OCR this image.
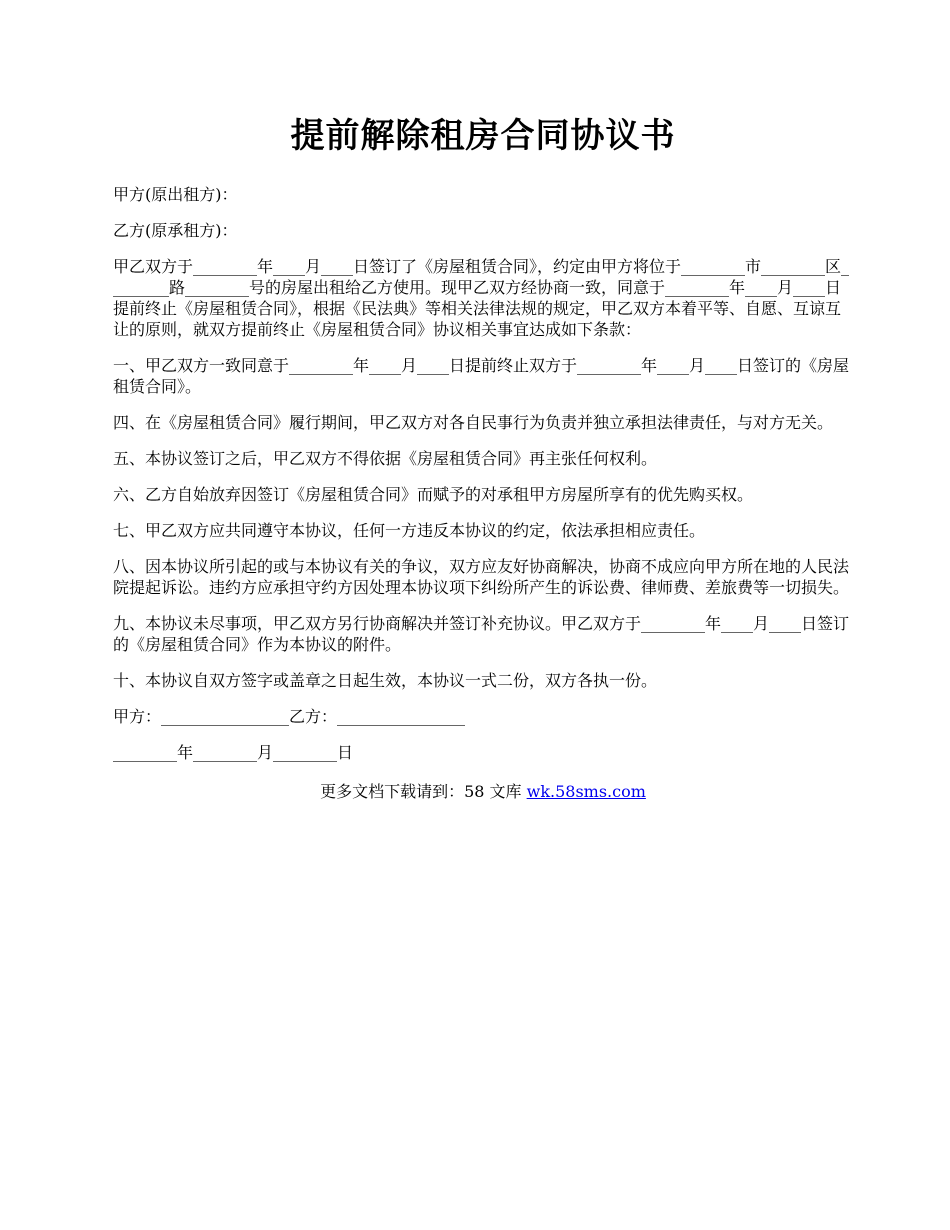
提前解除租房合同协议书

甲方(原出租方)：

乙方(原承租方)：

甲乙双方于________年____月____日签订了《房屋租赁合同》，约定由甲方将位于________市________区________路________号的房屋出租给乙方使用。现甲乙双方经协商一致，同意于________年____月____日提前终止《房屋租赁合同》，根据《民法典》等相关法律法规的规定，甲乙双方本着平等、自愿、互谅互让的原则，就双方提前终止《房屋租赁合同》协议相关事宜达成如下条款：

一、甲乙双方一致同意于________年____月____日提前终止双方于________年____月____日签订的《房屋租赁合同》。

四、在《房屋租赁合同》履行期间，甲乙双方对各自民事行为负责并独立承担法律责任，与对方无关。

五、本协议签订之后，甲乙双方不得依据《房屋租赁合同》再主张任何权利。

六、乙方自始放弃因签订《房屋租赁合同》而赋予的对承租甲方房屋所享有的优先购买权。

七、甲乙双方应共同遵守本协议，任何一方违反本协议的约定，依法承担相应责任。

八、因本协议所引起的或与本协议有关的争议，双方应友好协商解决，协商不成应向甲方所在地的人民法院提起诉讼。违约方应承担守约方因处理本协议项下纠纷所产生的诉讼费、律师费、差旅费等一切损失。

九、本协议未尽事项，甲乙双方另行协商解决并签订补充协议。甲乙双方于________年____月____日签订的《房屋租赁合同》作为本协议的附件。

十、本协议自双方签字或盖章之日起生效，本协议一式二份，双方各执一份。

甲方：________________乙方：________________

________年________月________日

更多文档下载请到：58 文库 wk.58sms.com
